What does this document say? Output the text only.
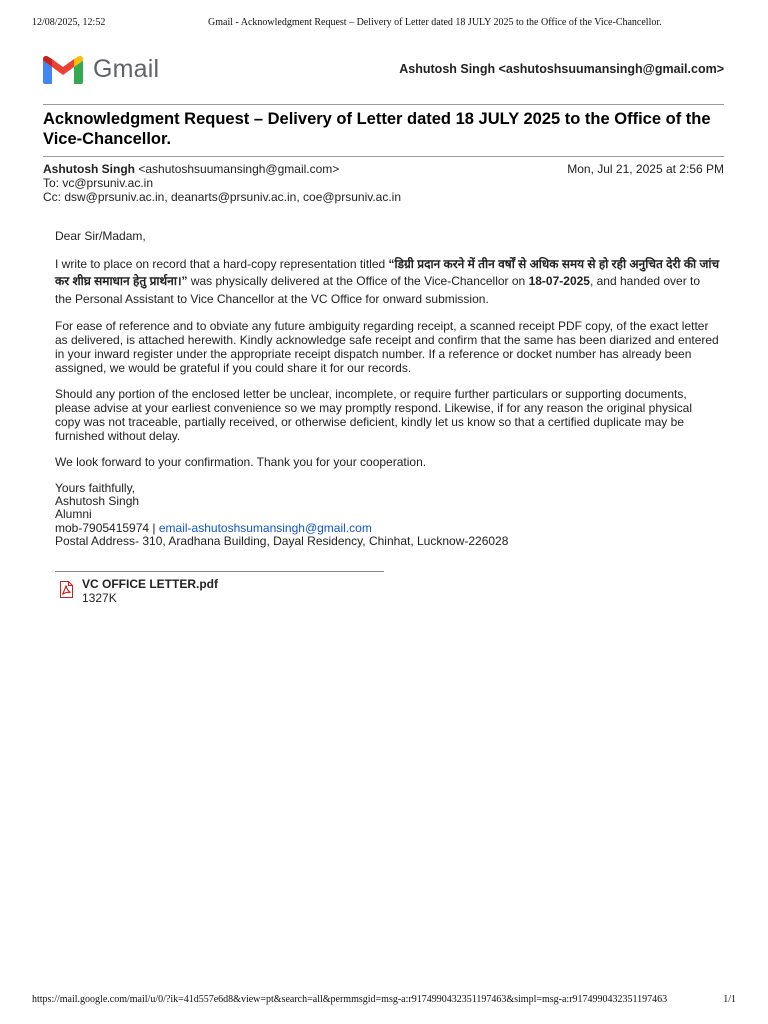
12/08/2025, 12:52	Gmail - Acknowledgment Request – Delivery of Letter dated 18 JULY 2025 to the Office of the Vice-Chancellor.
Gmail	Ashutosh Singh <ashutoshsuumansingh@gmail.com>
Acknowledgment Request – Delivery of Letter dated 18 JULY 2025 to the Office of the Vice-Chancellor.
Ashutosh Singh <ashutoshsuumansingh@gmail.com>	Mon, Jul 21, 2025 at 2:56 PM
To: vc@prsuniv.ac.in
Cc: dsw@prsuniv.ac.in, deanarts@prsuniv.ac.in, coe@prsuniv.ac.in

Dear Sir/Madam,

I write to place on record that a hard-copy representation titled “डिग्री प्रदान करने में तीन वर्षों से अधिक समय से हो रही अनुचित देरी की जांच कर शीघ्र समाधान हेतु प्रार्थना।” was physically delivered at the Office of the Vice-Chancellor on 18-07-2025, and handed over to the Personal Assistant to Vice Chancellor at the VC Office for onward submission.

For ease of reference and to obviate any future ambiguity regarding receipt, a scanned receipt PDF copy, of the exact letter as delivered, is attached herewith. Kindly acknowledge safe receipt and confirm that the same has been diarized and entered in your inward register under the appropriate receipt dispatch number. If a reference or docket number has already been assigned, we would be grateful if you could share it for our records.

Should any portion of the enclosed letter be unclear, incomplete, or require further particulars or supporting documents, please advise at your earliest convenience so we may promptly respond. Likewise, if for any reason the original physical copy was not traceable, partially received, or otherwise deficient, kindly let us know so that a certified duplicate may be furnished without delay.

We look forward to your confirmation. Thank you for your cooperation.

Yours faithfully,
Ashutosh Singh
Alumni
mob-7905415974 | email-ashutoshsumansingh@gmail.com
Postal Address- 310, Aradhana Building, Dayal Residency, Chinhat, Lucknow-226028
VC OFFICE LETTER.pdf
1327K
https://mail.google.com/mail/u/0/?ik=41d557e6d8&view=pt&search=all&permmsgid=msg-a:r9174990432351197463&simpl=msg-a:r9174990432351197463	1/1
